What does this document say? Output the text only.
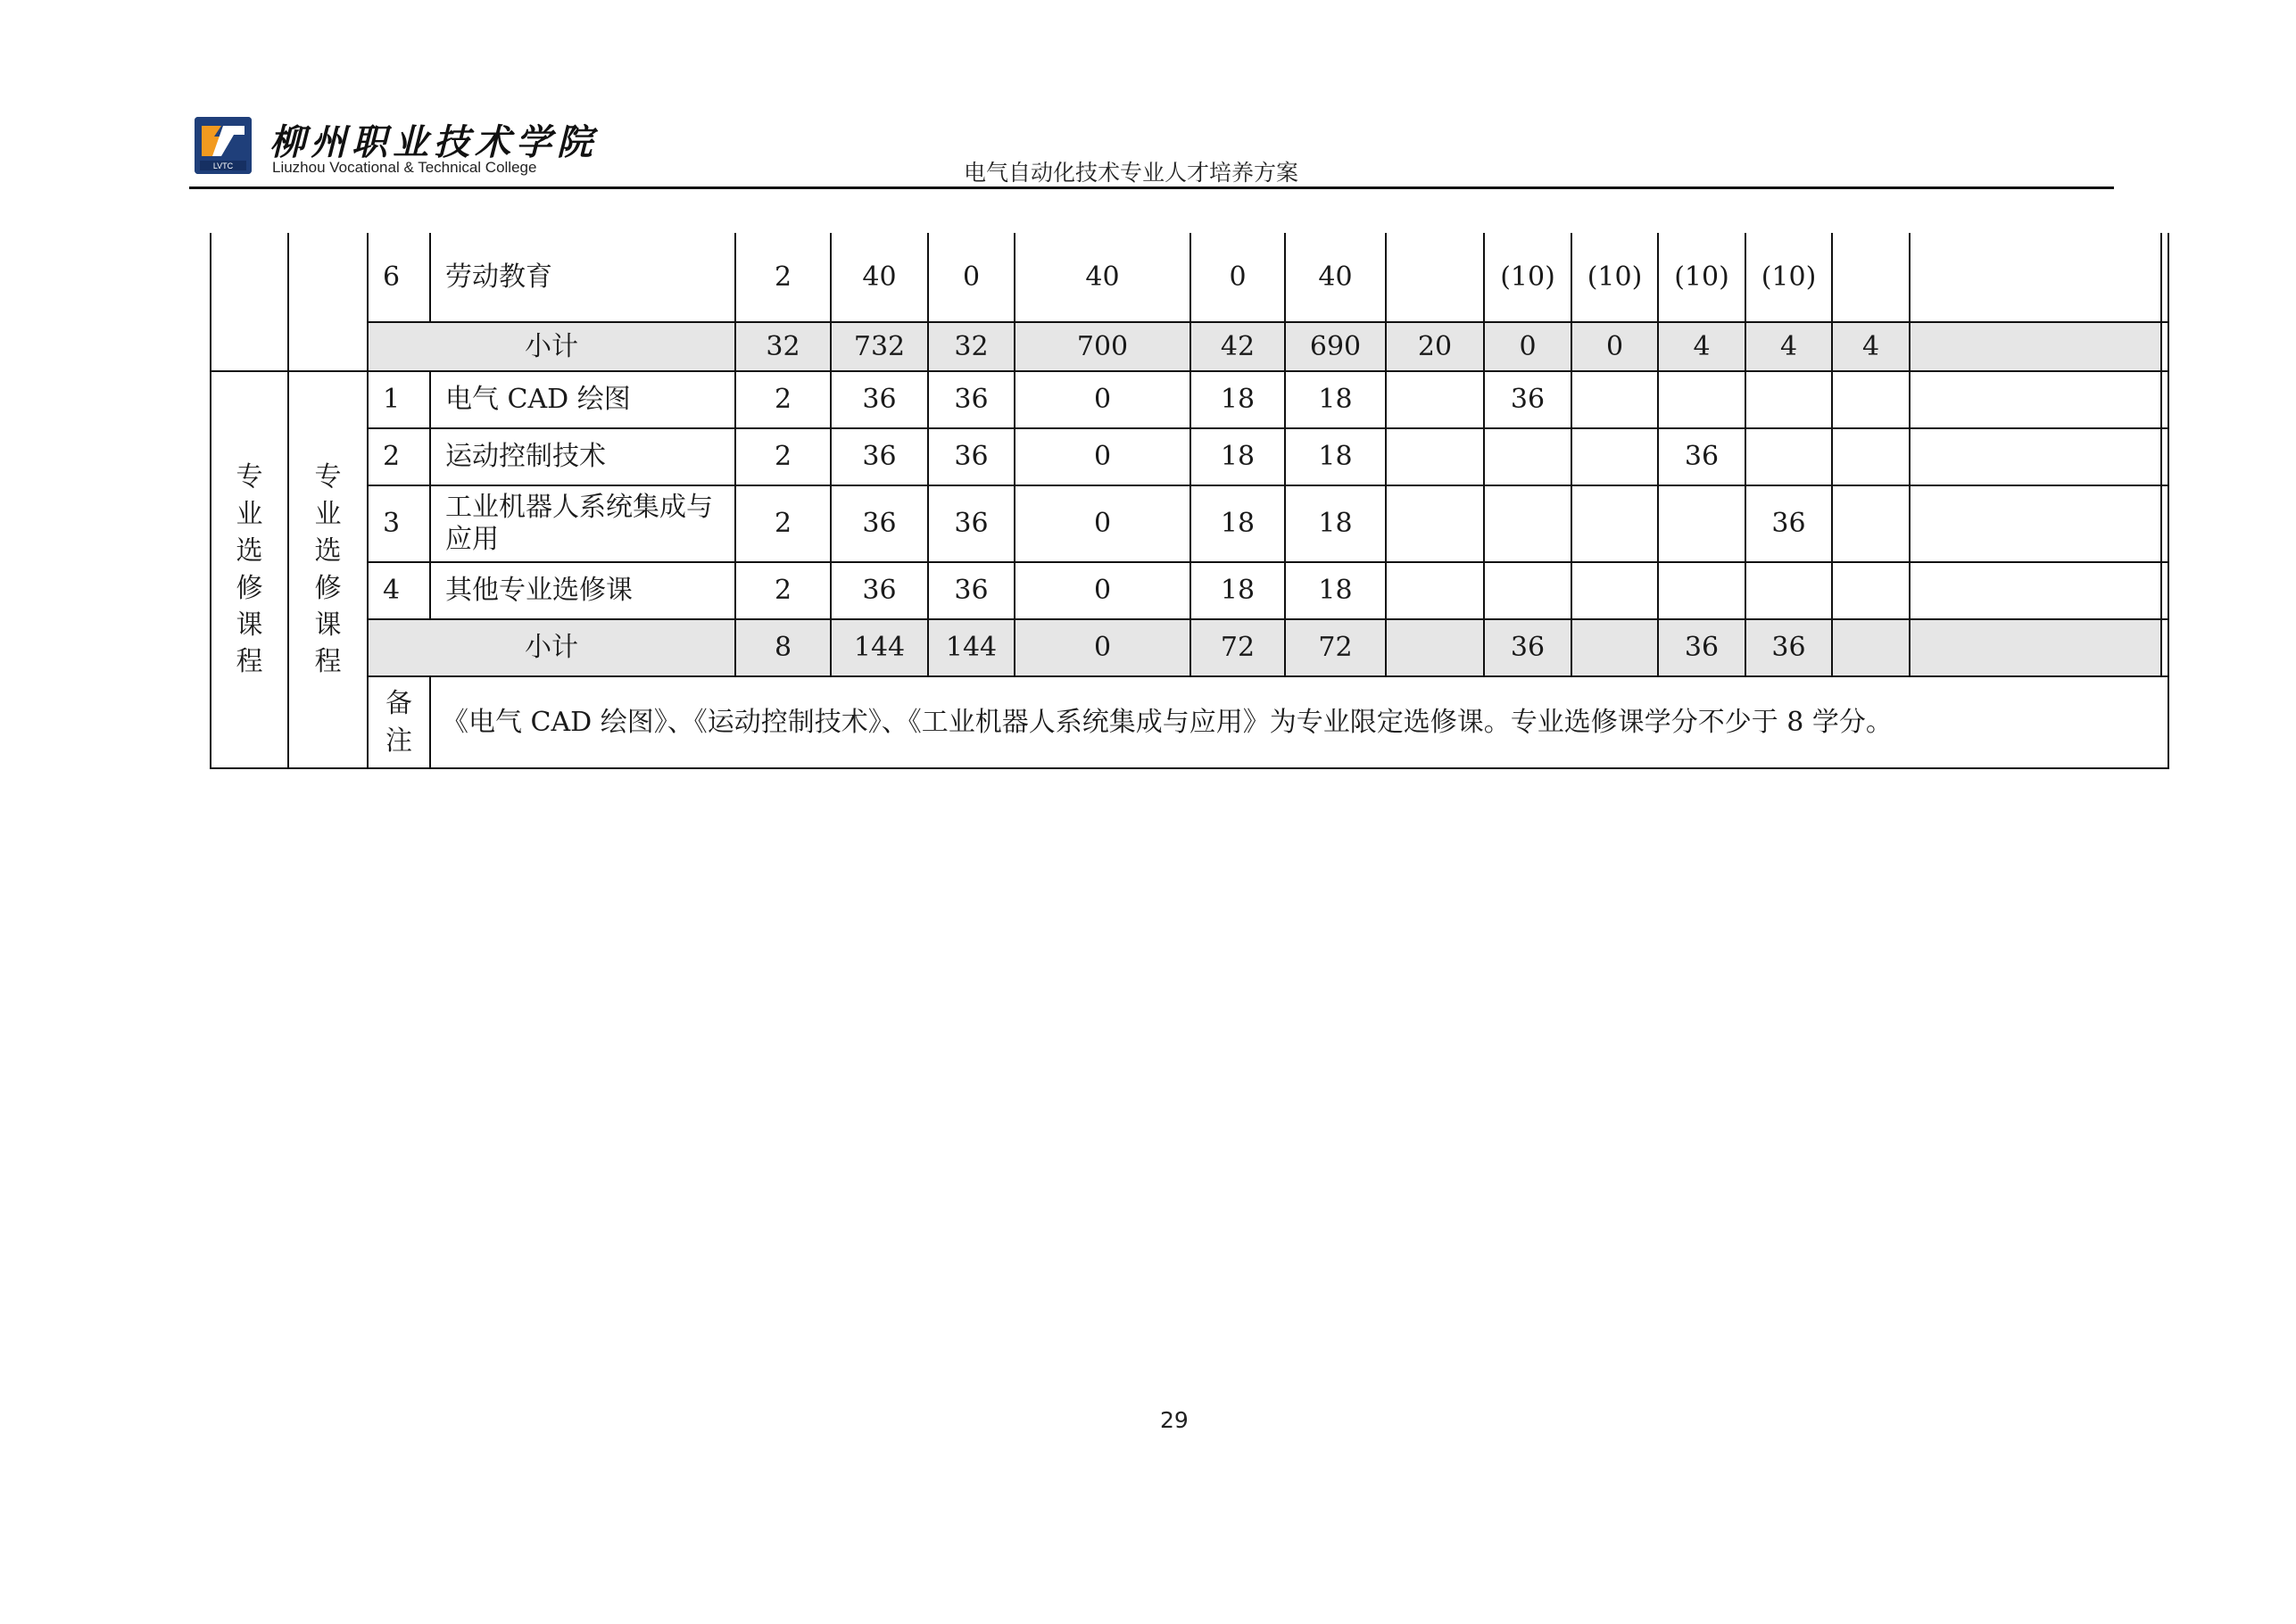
LVTC
柳州职业技术学院
Liuzhou Vocational & Technical College	电气自动化技术专业人才培养方案
		6	劳动教育	2	40	0	40	0	40		(10)	(10)	(10)	(10)			
		小计		32	732	32	700	42	690	20	0	0	4	4	4		
专业选修课程	专业选修课程	1	电气 CAD 绘图	2	36	36	0	18	18		36						
		2	运动控制技术	2	36	36	0	18	18				36				
		3	工业机器人系统集成与应用	2	36	36	0	18	18					36			
		4	其他专业选修课	2	36	36	0	18	18								
		小计		8	144	144	0	72	72		36		36	36			
		备注	《电气 CAD 绘图》、《运动控制技术》、《工业机器人系统集成与应用》为专业限定选修课。专业选修课学分不少于 8 学分。														
29
